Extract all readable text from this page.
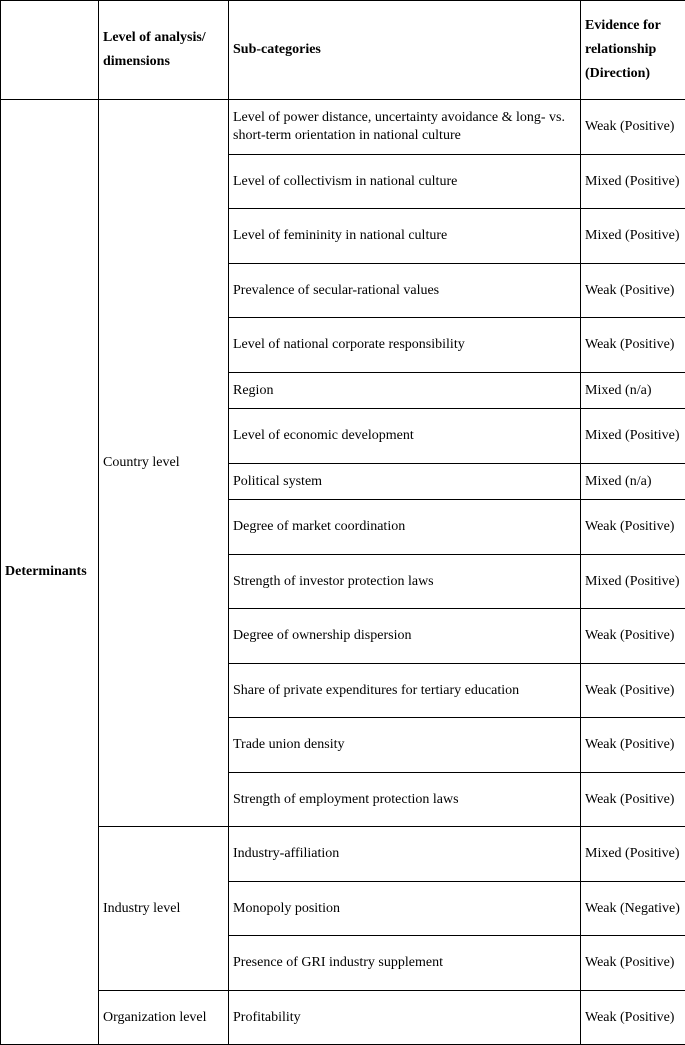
	Level of analysis/ dimensions	Sub-categories	Evidence for relationship (Direction)
Determinants	Country level	Level of power distance, uncertainty avoidance & long- vs. short-term orientation in national culture	Weak (Positive)
		Level of collectivism in national culture	Mixed (Positive)
		Level of femininity in national culture	Mixed (Positive)
		Prevalence of secular-rational values	Weak (Positive)
		Level of national corporate responsibility	Weak (Positive)
		Region	Mixed (n/a)
		Level of economic development	Mixed (Positive)
		Political system	Mixed (n/a)
		Degree of market coordination	Weak (Positive)
		Strength of investor protection laws	Mixed (Positive)
		Degree of ownership dispersion	Weak (Positive)
		Share of private expenditures for tertiary education	Weak (Positive)
		Trade union density	Weak (Positive)
		Strength of employment protection laws	Weak (Positive)
	Industry level	Industry-affiliation	Mixed (Positive)
		Monopoly position	Weak (Negative)
		Presence of GRI industry supplement	Weak (Positive)
	Organization level	Profitability	Weak (Positive)
